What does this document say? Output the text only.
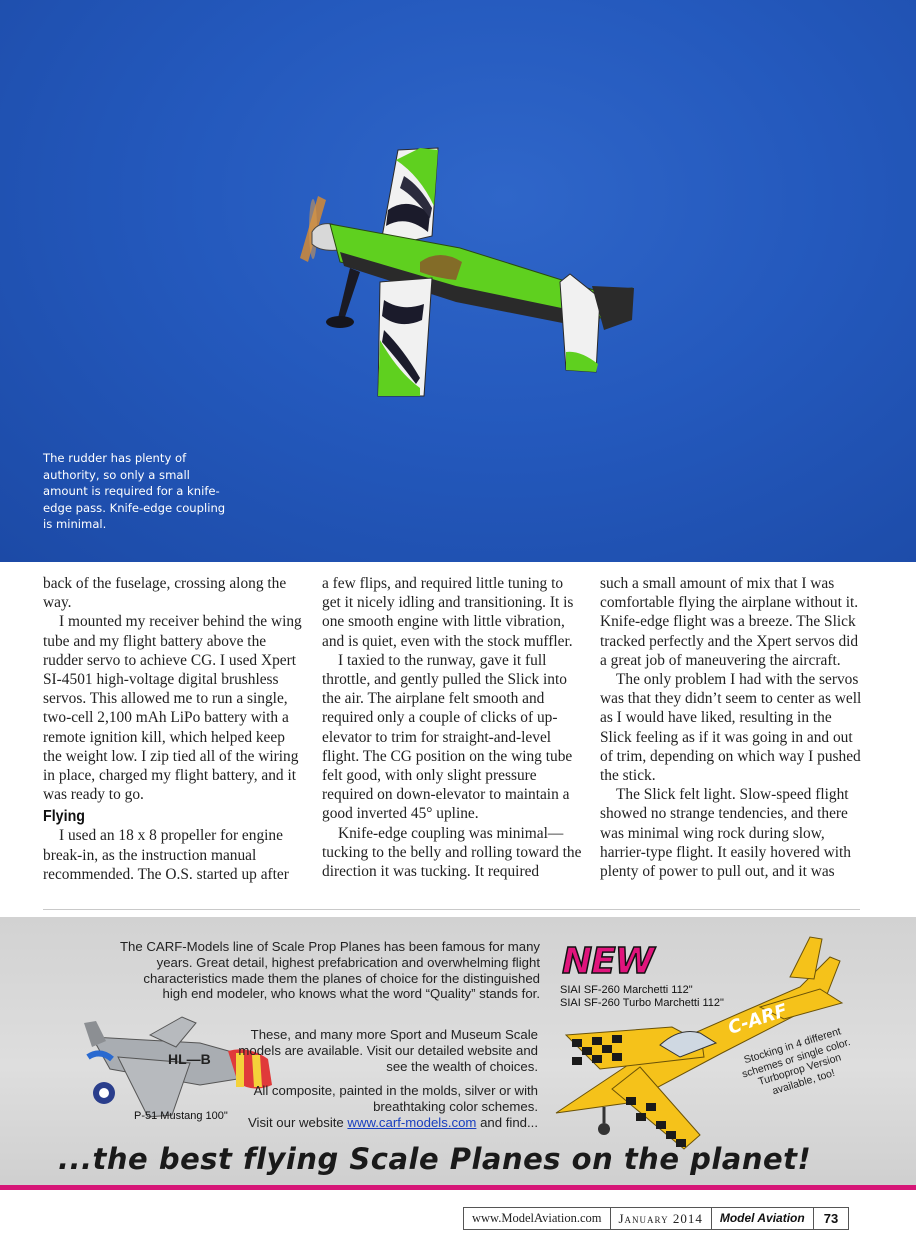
The rudder has plenty of authority, so only a small amount is required for a knife-edge pass. Knife-edge coupling is minimal.

back of the fuselage, crossing along the way.

I mounted my receiver behind the wing tube and my flight battery above the rudder servo to achieve CG. I used Xpert SI-4501 high-voltage digital brushless servos. This allowed me to run a single, two-cell 2,100 mAh LiPo battery with a remote ignition kill, which helped keep the weight low. I zip tied all of the wiring in place, charged my flight battery, and it was ready to go.

Flying

I used an 18 x 8 propeller for engine break-in, as the instruction manual recommended. The O.S. started up after

a few flips, and required little tuning to get it nicely idling and transitioning. It is one smooth engine with little vibration, and is quiet, even with the stock muffler.

I taxied to the runway, gave it full throttle, and gently pulled the Slick into the air. The airplane felt smooth and required only a couple of clicks of up-elevator to trim for straight-and-level flight. The CG position on the wing tube felt good, with only slight pressure required on down-elevator to maintain a good inverted 45° upline.

Knife-edge coupling was minimal—tucking to the belly and rolling toward the direction it was tucking. It required

such a small amount of mix that I was comfortable flying the airplane without it. Knife-edge flight was a breeze. The Slick tracked perfectly and the Xpert servos did a great job of maneuvering the aircraft.

The only problem I had with the servos was that they didn’t seem to center as well as I would have liked, resulting in the Slick feeling as if it was going in and out of trim, depending on which way I pushed the stick.

The Slick felt light. Slow-speed flight showed no strange tendencies, and there was minimal wing rock during slow, harrier-type flight. It easily hovered with plenty of power to pull out, and it was

HL—B
C-ARF
The CARF-Models line of Scale Prop Planes has been famous for many years. Great detail, highest prefabrication and overwhelming flight characteristics made them the planes of choice for the distinguished high end modeler, who knows what the word “Quality” stands for.
These, and many more Sport and Museum Scale models are available. Visit our detailed website and see the wealth of choices.
All composite, painted in the molds, silver or with breathtaking color schemes.
Visit our website www.carf-models.com and find...
NEW
SIAI SF-260 Marchetti 112"
SIAI SF-260 Turbo Marchetti 112"
Stocking in 4 different schemes or single color. Turboprop Version available, too!
P-51 Mustang 100"
...the best flying Scale Planes on the planet!
www.ModelAviation.com	January 2014	Model Aviation	73
